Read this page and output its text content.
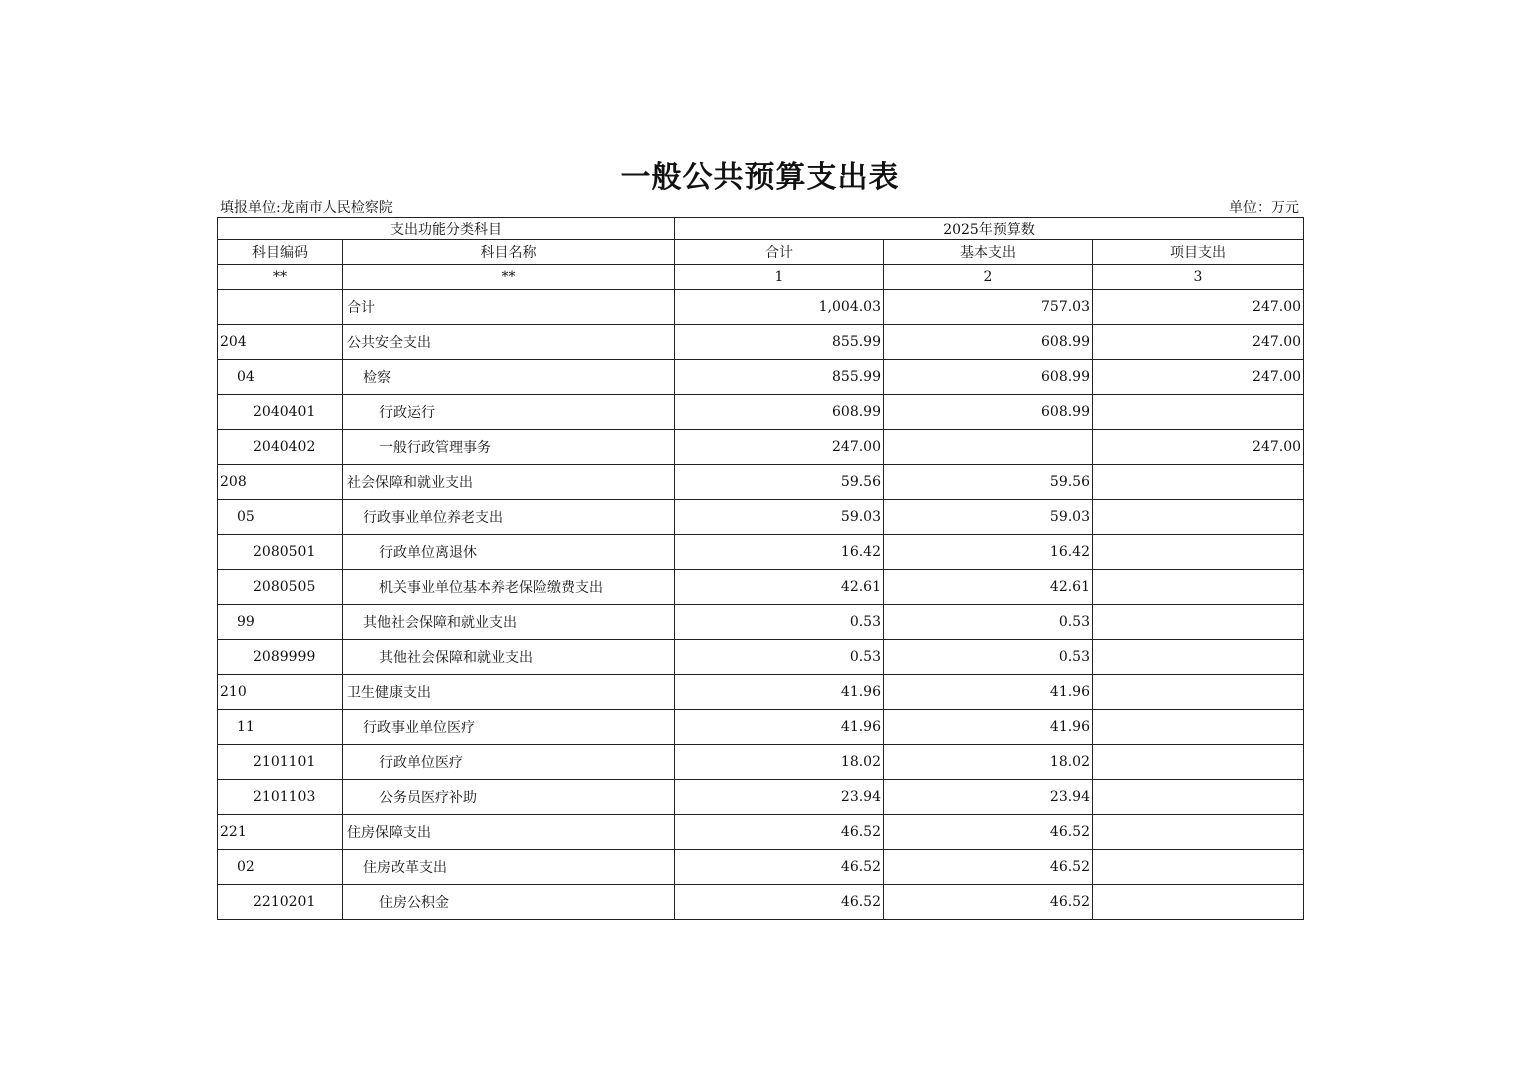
一般公共预算支出表
填报单位:龙南市人民检察院	单位：万元
支出功能分类科目		2025年预算数		
科目编码	科目名称	合计	基本支出	项目支出
**	**	1	2	3
	合计	1,004.03	757.03	247.00
204	公共安全支出	855.99	608.99	247.00
04	检察	855.99	608.99	247.00
2040401	行政运行	608.99	608.99	
2040402	一般行政管理事务	247.00		247.00
208	社会保障和就业支出	59.56	59.56	
05	行政事业单位养老支出	59.03	59.03	
2080501	行政单位离退休	16.42	16.42	
2080505	机关事业单位基本养老保险缴费支出	42.61	42.61	
99	其他社会保障和就业支出	0.53	0.53	
2089999	其他社会保障和就业支出	0.53	0.53	
210	卫生健康支出	41.96	41.96	
11	行政事业单位医疗	41.96	41.96	
2101101	行政单位医疗	18.02	18.02	
2101103	公务员医疗补助	23.94	23.94	
221	住房保障支出	46.52	46.52	
02	住房改革支出	46.52	46.52	
2210201	住房公积金	46.52	46.52	
